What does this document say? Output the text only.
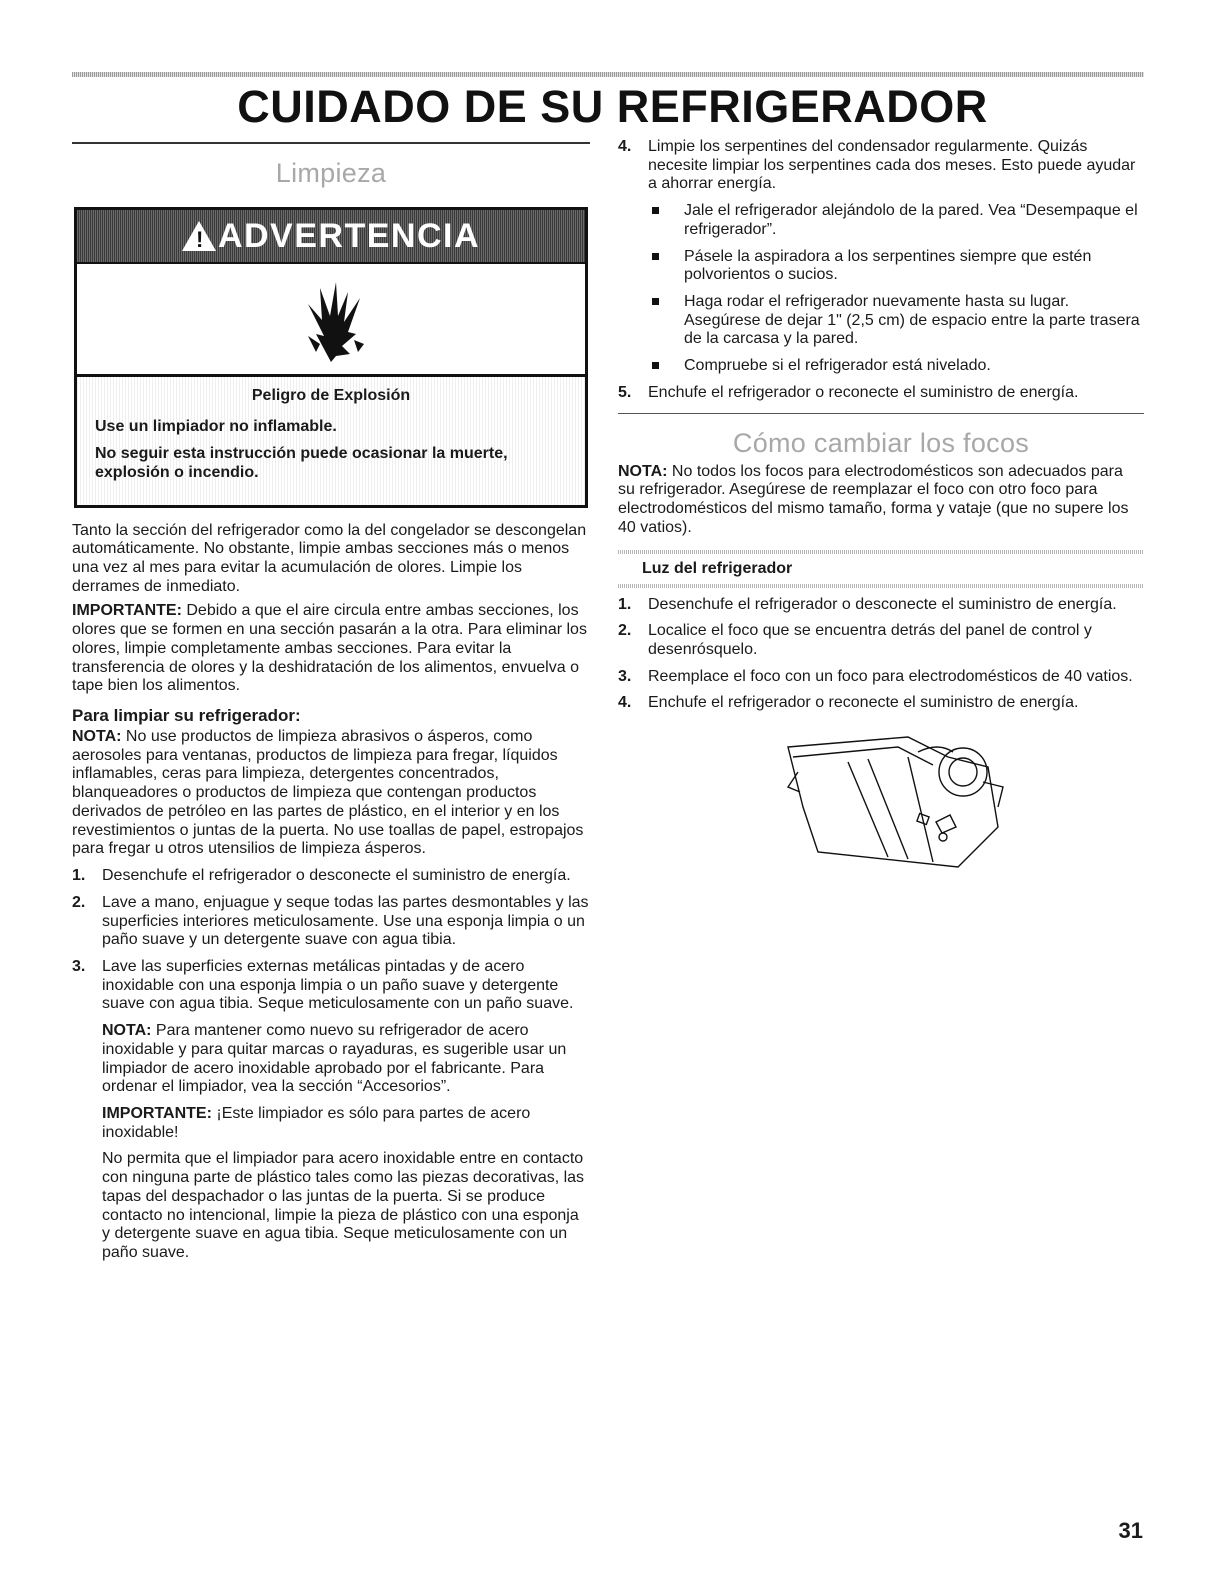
CUIDADO DE SU REFRIGERADOR
Limpieza
! ADVERTENCIA

Peligro de Explosión

Use un limpiador no inflamable.

No seguir esta instrucción puede ocasionar la muerte, explosión o incendio.

Tanto la sección del refrigerador como la del congelador se descongelan automáticamente. No obstante, limpie ambas secciones más o menos una vez al mes para evitar la acumulación de olores. Limpie los derrames de inmediato.

IMPORTANTE: Debido a que el aire circula entre ambas secciones, los olores que se formen en una sección pasarán a la otra. Para eliminar los olores, limpie completamente ambas secciones. Para evitar la transferencia de olores y la deshidratación de los alimentos, envuelva o tape bien los alimentos.

Para limpiar su refrigerador:

NOTA: No use productos de limpieza abrasivos o ásperos, como aerosoles para ventanas, productos de limpieza para fregar, líquidos inflamables, ceras para limpieza, detergentes concentrados, blanqueadores o productos de limpieza que contengan productos derivados de petróleo en las partes de plástico, en el interior y en los revestimientos o juntas de la puerta. No use toallas de papel, estropajos para fregar u otros utensilios de limpieza ásperos.

1. Desenchufe el refrigerador o desconecte el suministro de energía.
2. Lave a mano, enjuague y seque todas las partes desmontables y las superficies interiores meticulosamente. Use una esponja limpia o un paño suave y un detergente suave con agua tibia.
3. Lave las superficies externas metálicas pintadas y de acero inoxidable con una esponja limpia o un paño suave y detergente suave con agua tibia. Seque meticulosamente con un paño suave.

NOTA: Para mantener como nuevo su refrigerador de acero inoxidable y para quitar marcas o rayaduras, es sugerible usar un limpiador de acero inoxidable aprobado por el fabricante. Para ordenar el limpiador, vea la sección “Accesorios”.

IMPORTANTE: ¡Este limpiador es sólo para partes de acero inoxidable!

No permita que el limpiador para acero inoxidable entre en contacto con ninguna parte de plástico tales como las piezas decorativas, las tapas del despachador o las juntas de la puerta. Si se produce contacto no intencional, limpie la pieza de plástico con una esponja y detergente suave en agua tibia. Seque meticulosamente con un paño suave.

4. Limpie los serpentines del condensador regularmente. Quizás necesite limpiar los serpentines cada dos meses. Esto puede ayudar a ahorrar energía.
Jale el refrigerador alejándolo de la pared. Vea “Desempaque el refrigerador”.
Pásele la aspiradora a los serpentines siempre que estén polvorientos o sucios.
Haga rodar el refrigerador nuevamente hasta su lugar. Asegúrese de dejar 1" (2,5 cm) de espacio entre la parte trasera de la carcasa y la pared.
Compruebe si el refrigerador está nivelado.
5. Enchufe el refrigerador o reconecte el suministro de energía.
Cómo cambiar los focos

NOTA: No todos los focos para electrodomésticos son adecuados para su refrigerador. Asegúrese de reemplazar el foco con otro foco para electrodomésticos del mismo tamaño, forma y vataje (que no supere los 40 vatios).

Luz del refrigerador

1. Desenchufe el refrigerador o desconecte el suministro de energía.
2. Localice el foco que se encuentra detrás del panel de control y desenrósquelo.
3. Reemplace el foco con un foco para electrodomésticos de 40 vatios.
4. Enchufe el refrigerador o reconecte el suministro de energía.
31
